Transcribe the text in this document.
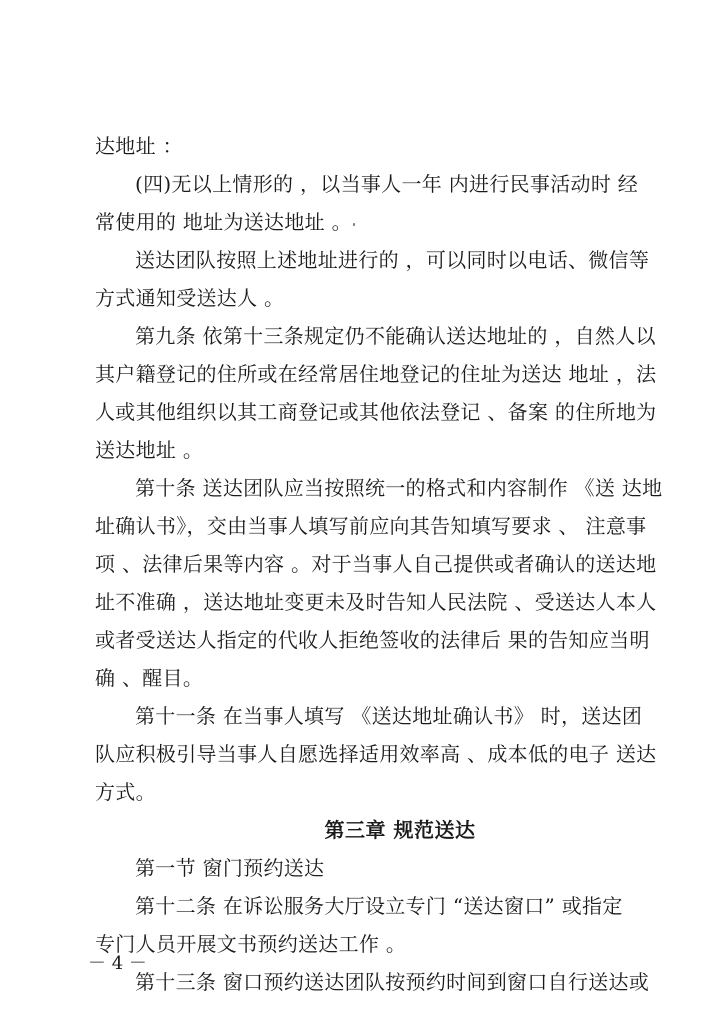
达地址 ：
(四)无以上情形的 ，以当事人一年 内进行民事活动时 经
常使用的 地址为送达地址 。
送达团队按照上述地址进行的 ，可以同时以电话、微信等
方式通知受送达人 。
第九条 依第十三条规定仍不能确认送达地址的 ，自然人以
其户籍登记的住所或在经常居住地登记的住址为送达 地址 ，法
人或其他组织以其工商登记或其他依法登记 、备案 的住所地为
送达地址 。
第十条 送达团队应当按照统一的格式和内容制作 《送 达地
址确认书》，交由当事人填写前应向其告知填写要求 、 注意事
项 、法律后果等内容 。对于当事人自己提供或者确认的送达地
址不准确 ，送达地址变更未及时告知人民法院 、受送达人本人
或者受送达人指定的代收人拒绝签收的法律后 果的告知应当明
确 、醒目。
第十一条 在当事人填写 《送达地址确认书》 时，送达团
队应积极引导当事人自愿选择适用效率高 、成本低的电子 送达
方式。
第三章 规范送达
第一节 窗门预约送达
第十二条 在诉讼服务大厅设立专门 “送达窗口” 或指定
专门人员开展文书预约送达工作 。
第十三条 窗口预约送达团队按预约时间到窗口自行送达或
－ 4 －
